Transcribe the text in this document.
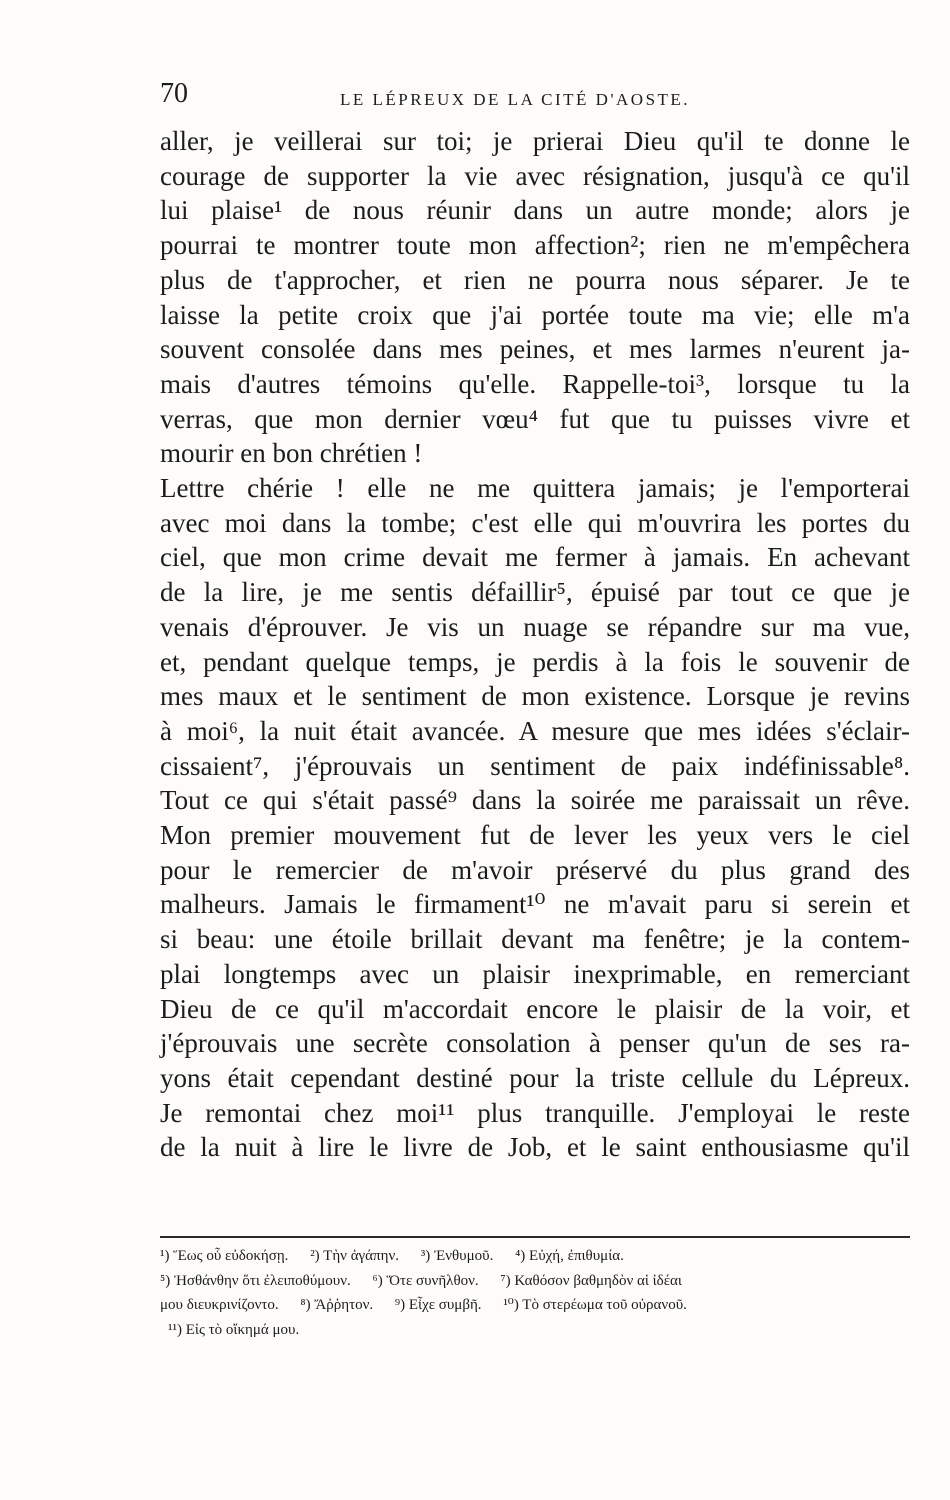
70	LE LÉPREUX DE LA CITÉ D'AOSTE.
aller, je veillerai sur toi; je prierai Dieu qu'il te donne le
courage de supporter la vie avec résignation, jusqu'à ce qu'il
lui plaise¹ de nous réunir dans un autre monde; alors je
pourrai te montrer toute mon affection²; rien ne m'empêchera
plus de t'approcher, et rien ne pourra nous séparer. Je te
laisse la petite croix que j'ai portée toute ma vie; elle m'a
souvent consolée dans mes peines, et mes larmes n'eurent ja-
mais d'autres témoins qu'elle. Rappelle-toi³, lorsque tu la
verras, que mon dernier vœu⁴ fut que tu puisses vivre et
mourir en bon chrétien !
Lettre chérie ! elle ne me quittera jamais; je l'emporterai
avec moi dans la tombe; c'est elle qui m'ouvrira les portes du
ciel, que mon crime devait me fermer à jamais. En achevant
de la lire, je me sentis défaillir⁵, épuisé par tout ce que je
venais d'éprouver. Je vis un nuage se répandre sur ma vue,
et, pendant quelque temps, je perdis à la fois le souvenir de
mes maux et le sentiment de mon existence. Lorsque je revins
à moi⁶, la nuit était avancée. A mesure que mes idées s'éclair-
cissaient⁷, j'éprouvais un sentiment de paix indéfinissable⁸.
Tout ce qui s'était passé⁹ dans la soirée me paraissait un rêve.
Mon premier mouvement fut de lever les yeux vers le ciel
pour le remercier de m'avoir préservé du plus grand des
malheurs. Jamais le firmament¹⁰ ne m'avait paru si serein et
si beau: une étoile brillait devant ma fenêtre; je la contem-
plai longtemps avec un plaisir inexprimable, en remerciant
Dieu de ce qu'il m'accordait encore le plaisir de la voir, et
j'éprouvais une secrète consolation à penser qu'un de ses ra-
yons était cependant destiné pour la triste cellule du Lépreux.
Je remontai chez moi¹¹ plus tranquille. J'employai le reste
de la nuit à lire le livre de Job, et le saint enthousiasme qu'il
¹) Ἕως οὗ εὐδοκήσῃ. ²) Τὴν ἀγάπην. ³) Ἐνθυμοῦ. ⁴) Εὐχή, ἐπιθυμία.
⁵) Ἠσθάνθην ὅτι ἐλειποθύμουν. ⁶) Ὅτε συνῆλθον. ⁷) Καθόσον βαθμηδὸν αἱ ἰδέαι
μου διευκρινίζοντο. ⁸) Ἄῤῥητον. ⁹) Εἶχε συμβῆ. ¹⁰) Τὸ στερέωμα τοῦ οὐρανοῦ.
¹¹) Εἰς τὸ οἴκημά μου.
